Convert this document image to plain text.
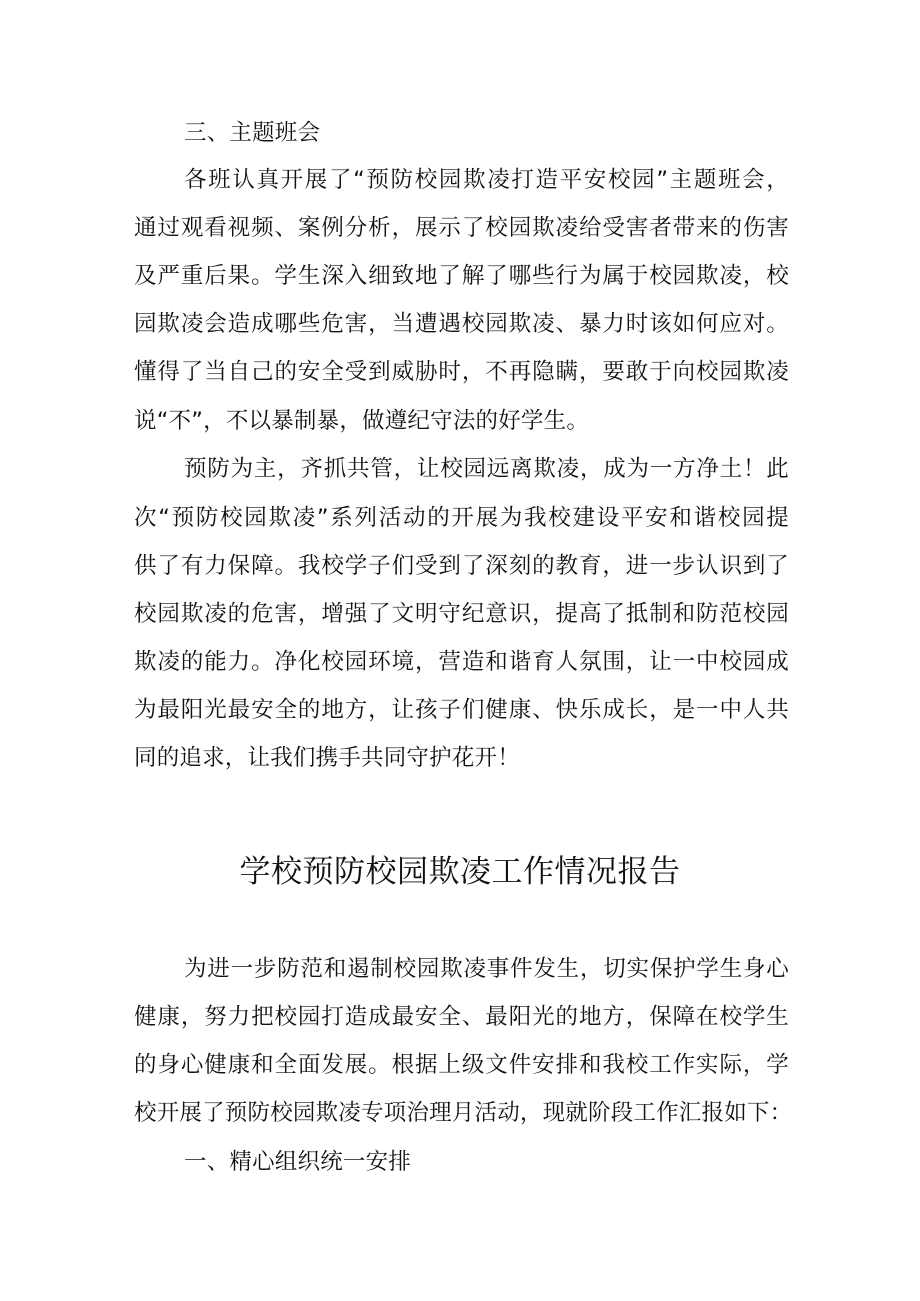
三、主题班会
各班认真开展了“预防校园欺凌打造平安校园”主题班会，
通过观看视频、案例分析，展示了校园欺凌给受害者带来的伤害
及严重后果。学生深入细致地了解了哪些行为属于校园欺凌，校
园欺凌会造成哪些危害，当遭遇校园欺凌、暴力时该如何应对。
懂得了当自己的安全受到威胁时，不再隐瞒，要敢于向校园欺凌
说“不”，不以暴制暴，做遵纪守法的好学生。
预防为主，齐抓共管，让校园远离欺凌，成为一方净土！此
次“预防校园欺凌”系列活动的开展为我校建设平安和谐校园提
供了有力保障。我校学子们受到了深刻的教育，进一步认识到了
校园欺凌的危害，增强了文明守纪意识，提高了抵制和防范校园
欺凌的能力。净化校园环境，营造和谐育人氛围，让一中校园成
为最阳光最安全的地方，让孩子们健康、快乐成长，是一中人共
同的追求，让我们携手共同守护花开！
学校预防校园欺凌工作情况报告
为进一步防范和遏制校园欺凌事件发生，切实保护学生身心
健康，努力把校园打造成最安全、最阳光的地方，保障在校学生
的身心健康和全面发展。根据上级文件安排和我校工作实际，学
校开展了预防校园欺凌专项治理月活动，现就阶段工作汇报如下：
一、精心组织统一安排
